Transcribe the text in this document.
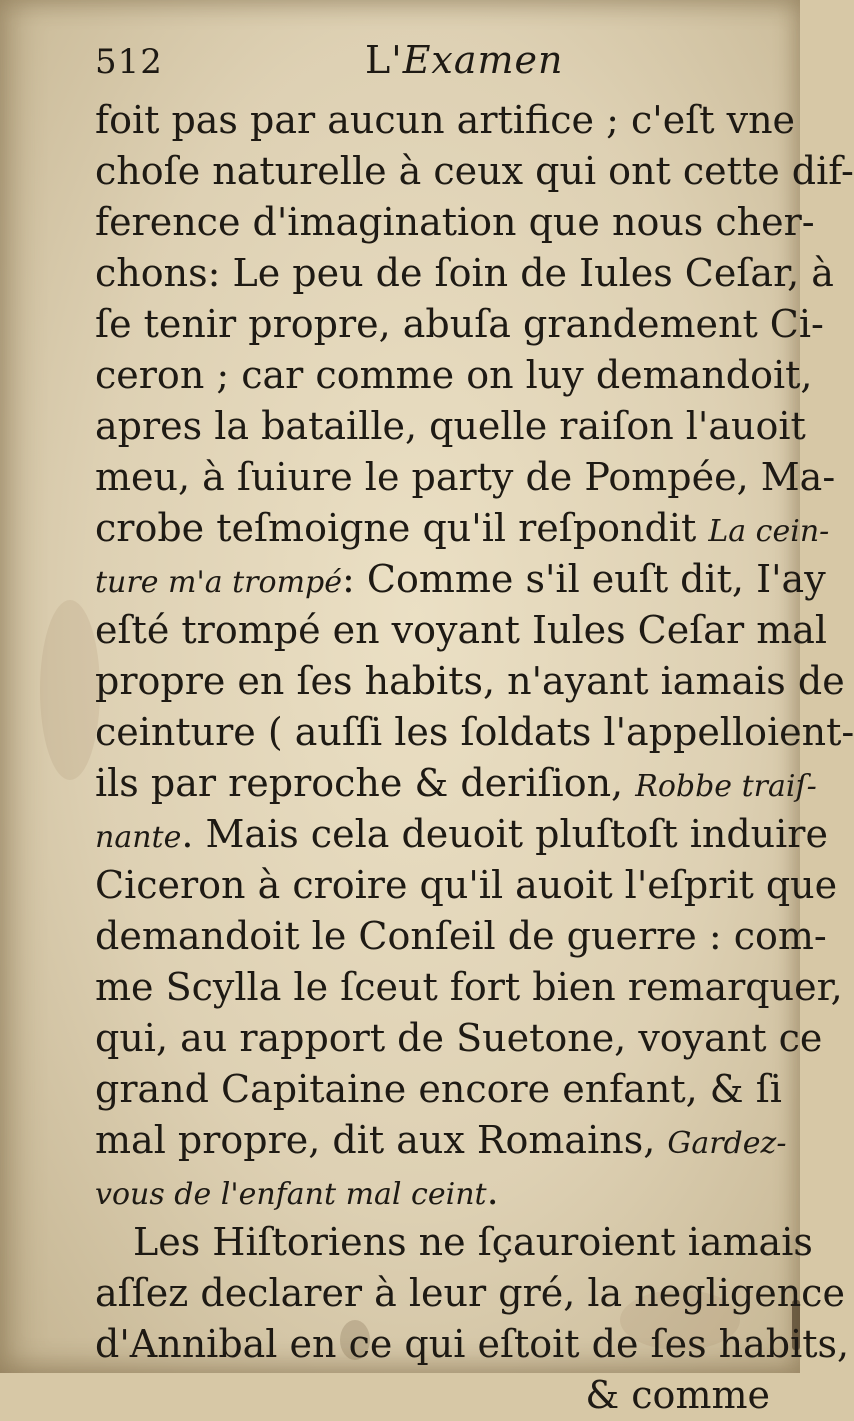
512	L'Examen
foit pas par aucun artifice ; c'eſt vne
choſe naturelle à ceux qui ont cette dif-
ference d'imagination que nous cher-
chons: Le peu de ſoin de Iules Ceſar, à
ſe tenir propre, abuſa grandement Ci-
ceron ; car comme on luy demandoit,
apres la bataille, quelle raiſon l'auoit
meu, à ſuiure le party de Pompée, Ma-
crobe teſmoigne qu'il reſpondit La cein-
ture m'a trompé: Comme s'il euſt dit, I'ay
eſté trompé en voyant Iules Ceſar mal
propre en ſes habits, n'ayant iamais de
ceinture ( auſſi les ſoldats l'appelloient-
ils par reproche & deriſion, Robbe traiſ-
nante. Mais cela deuoit pluſtoſt induire
Ciceron à croire qu'il auoit l'eſprit que
demandoit le Conſeil de guerre : com-
me Scylla le ſceut fort bien remarquer,
qui, au rapport de Suetone, voyant ce
grand Capitaine encore enfant, & ſi
mal propre, dit aux Romains, Gardez-
vous de l'enfant mal ceint.
Les Hiſtoriens ne ſçauroient iamais
aſſez declarer à leur gré, la negligence
d'Annibal en ce qui eſtoit de ſes habits,
& comme
